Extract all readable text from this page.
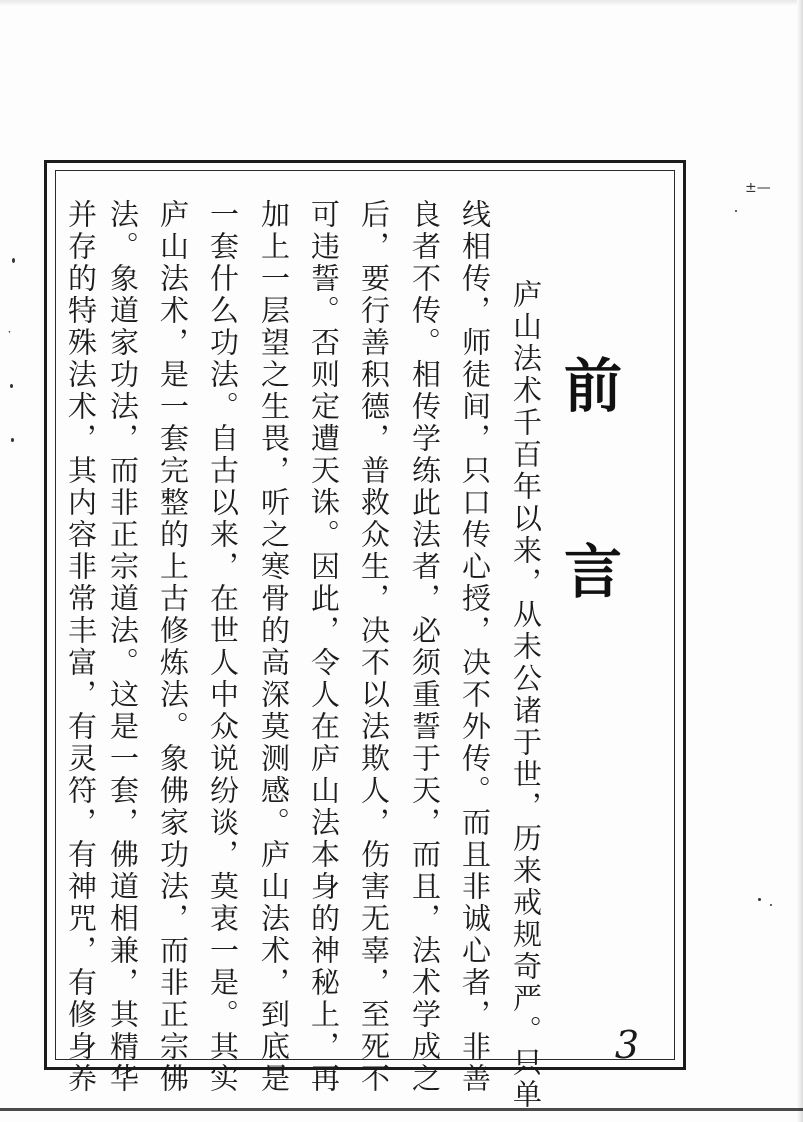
±—
˙	　庐山法术千百年以来，从未公诸于世，历来戒规奇严。只单
线相传，师徒间，只口传心授，决不外传。而且非诚心者，非善
良者不传。相传学练此法者，必须重誓于天，而且，法术学成之
后，要行善积德，普救众生，决不以法欺人，伤害无辜，至死不
可违誓。否则定遭天诛。因此，令人在庐山法本身的神秘上，再
加上一层望之生畏，听之寒骨的高深莫测感。庐山法术，到底是
一套什么功法。自古以来，在世人中众说纷谈，莫衷一是。其实
庐山法术，是一套完整的上古修炼法。象佛家功法，而非正宗佛
法。象道家功法，而非正宗道法。这是一套，佛道相兼，其精华
并存的特殊法术，其内容非常丰富，有灵符，有神咒，有修身养	前
言
3
